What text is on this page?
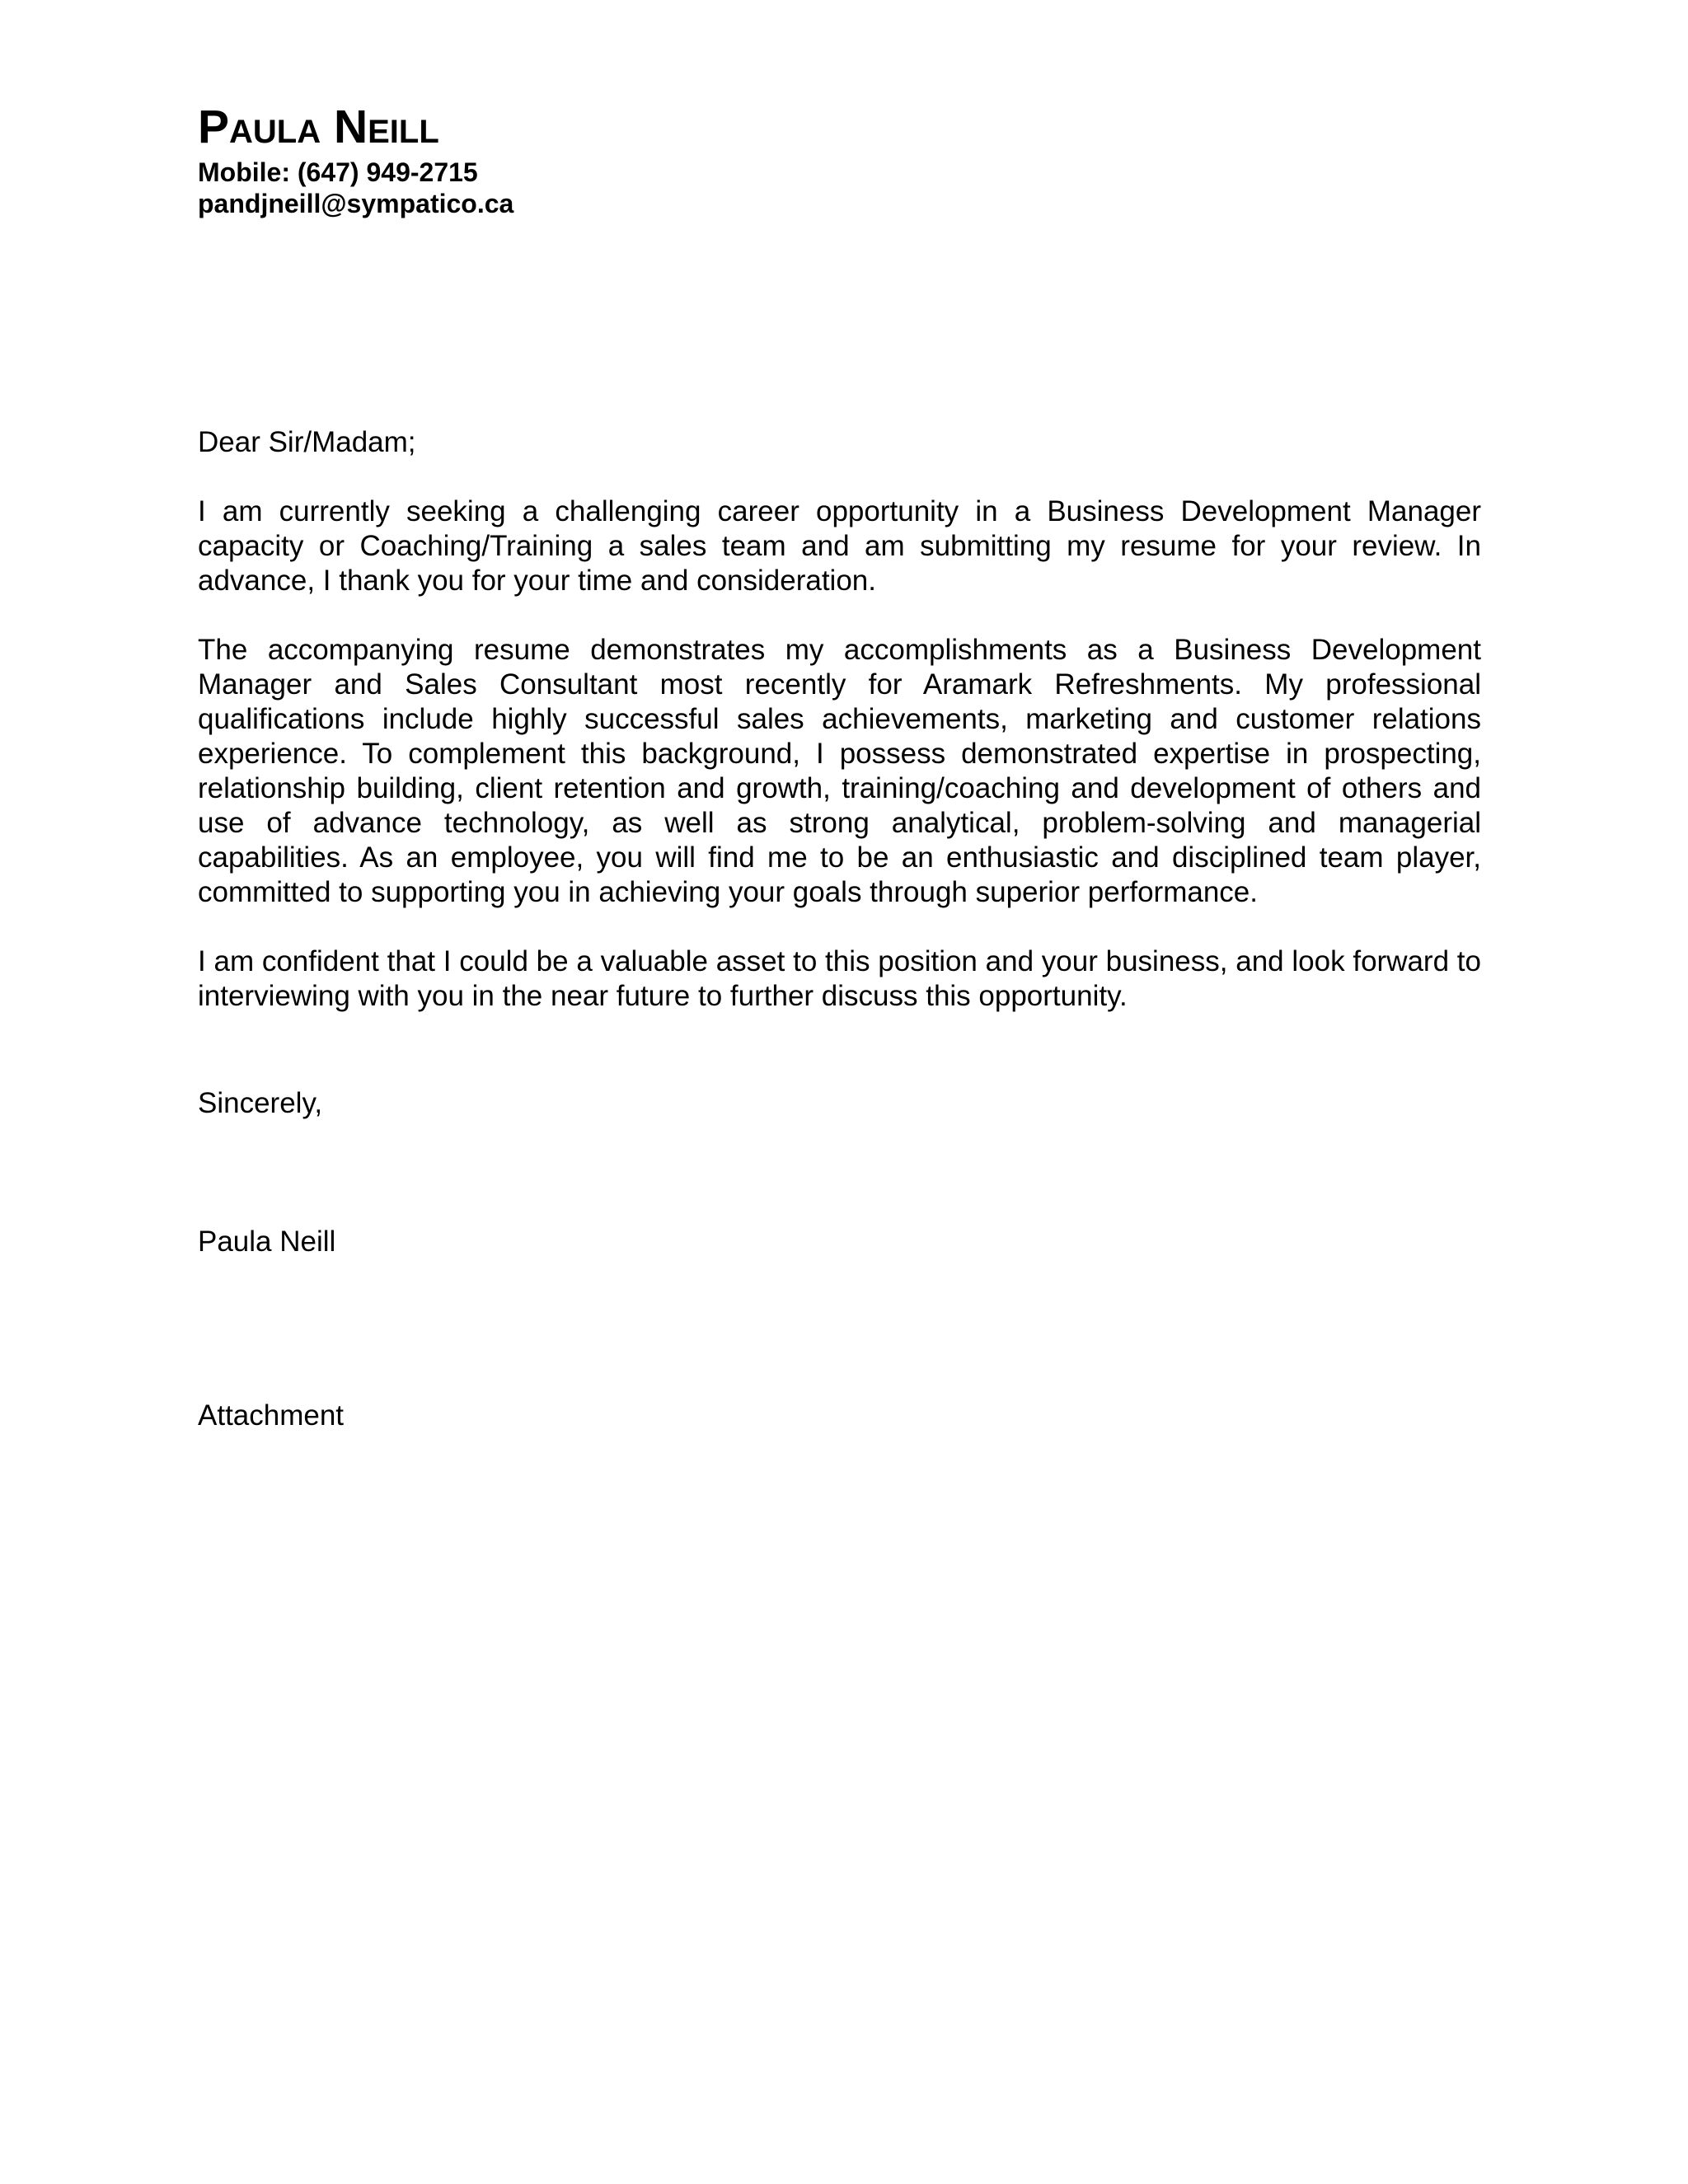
Paula Neill

Mobile: (647) 949-2715

pandjneill@sympatico.ca

Dear Sir/Madam;

I am currently seeking a challenging career opportunity in a Business Development Manager capacity or Coaching/Training a sales team and am submitting my resume for your review. In advance, I thank you for your time and consideration.

The accompanying resume demonstrates my accomplishments as a Business Development Manager and Sales Consultant most recently for Aramark Refreshments. My professional qualifications include highly successful sales achievements, marketing and customer relations experience. To complement this background, I possess demonstrated expertise in prospecting, relationship building, client retention and growth, training/coaching and development of others and use of advance technology, as well as strong analytical, problem-solving and managerial capabilities. As an employee, you will find me to be an enthusiastic and disciplined team player, committed to supporting you in achieving your goals through superior performance.

I am confident that I could be a valuable asset to this position and your business, and look forward to interviewing with you in the near future to further discuss this opportunity.

Sincerely,

Paula Neill

Attachment
